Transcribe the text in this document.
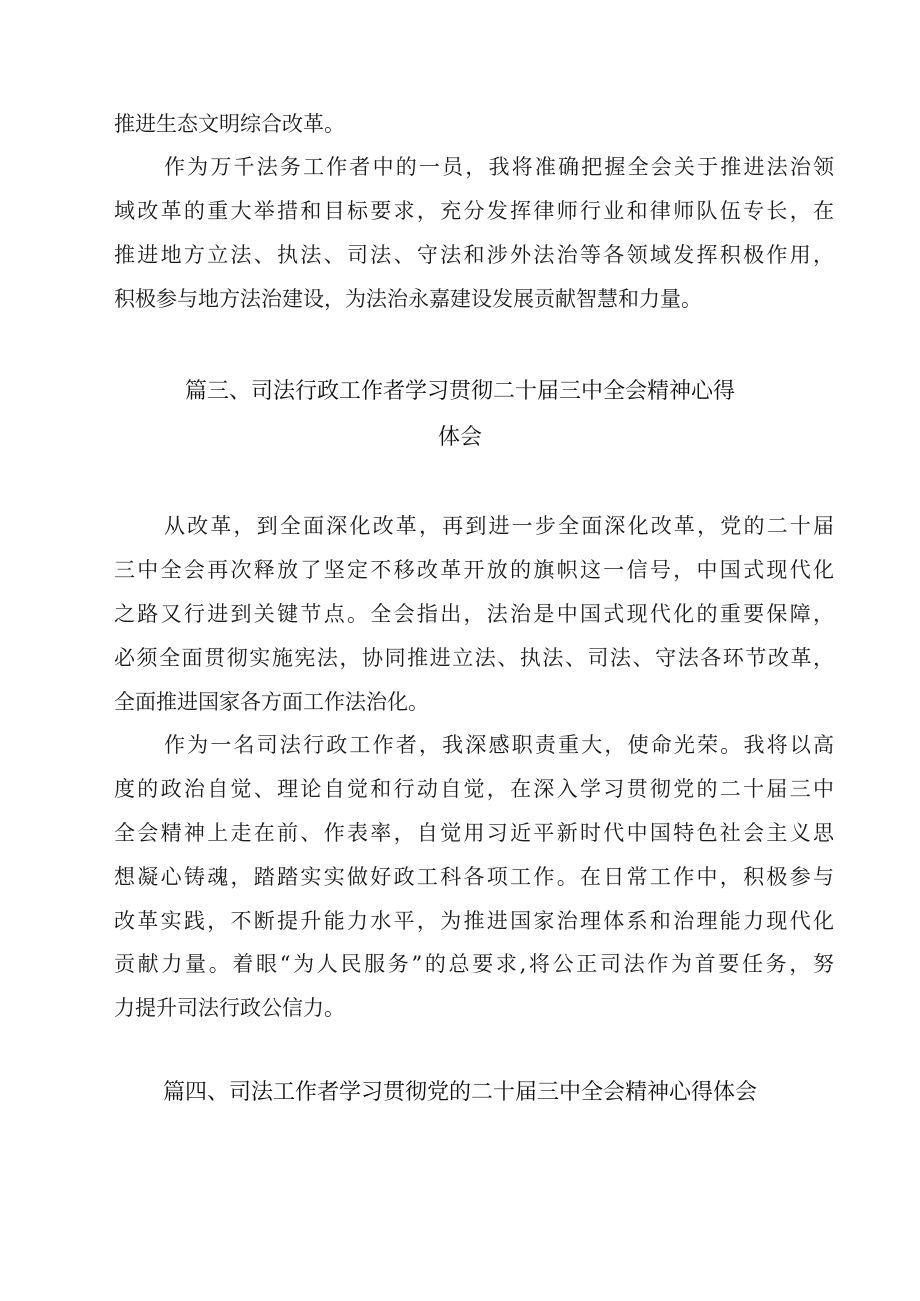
推进生态文明综合改革。
作为万千法务工作者中的一员，我将准确把握全会关于推进法治领
域改革的重大举措和目标要求，充分发挥律师行业和律师队伍专长，在
推进地方立法、执法、司法、守法和涉外法治等各领域发挥积极作用，
积极参与地方法治建设，为法治永嘉建设发展贡献智慧和力量。
篇三、司法行政工作者学习贯彻二十届三中全会精神心得
体会
从改革，到全面深化改革，再到进一步全面深化改革，党的二十届
三中全会再次释放了坚定不移改革开放的旗帜这一信号，中国式现代化
之路又行进到关键节点。全会指出，法治是中国式现代化的重要保障，
必须全面贯彻实施宪法，协同推进立法、执法、司法、守法各环节改革，
全面推进国家各方面工作法治化。
作为一名司法行政工作者，我深感职责重大，使命光荣。我将以高
度的政治自觉、理论自觉和行动自觉，在深入学习贯彻党的二十届三中
全会精神上走在前、作表率，自觉用习近平新时代中国特色社会主义思
想凝心铸魂，踏踏实实做好政工科各项工作。在日常工作中，积极参与
改革实践，不断提升能力水平，为推进国家治理体系和治理能力现代化
贡献力量。着眼“为人民服务”的总要求,将公正司法作为首要任务，努
力提升司法行政公信力。
篇四、司法工作者学习贯彻党的二十届三中全会精神心得体会
